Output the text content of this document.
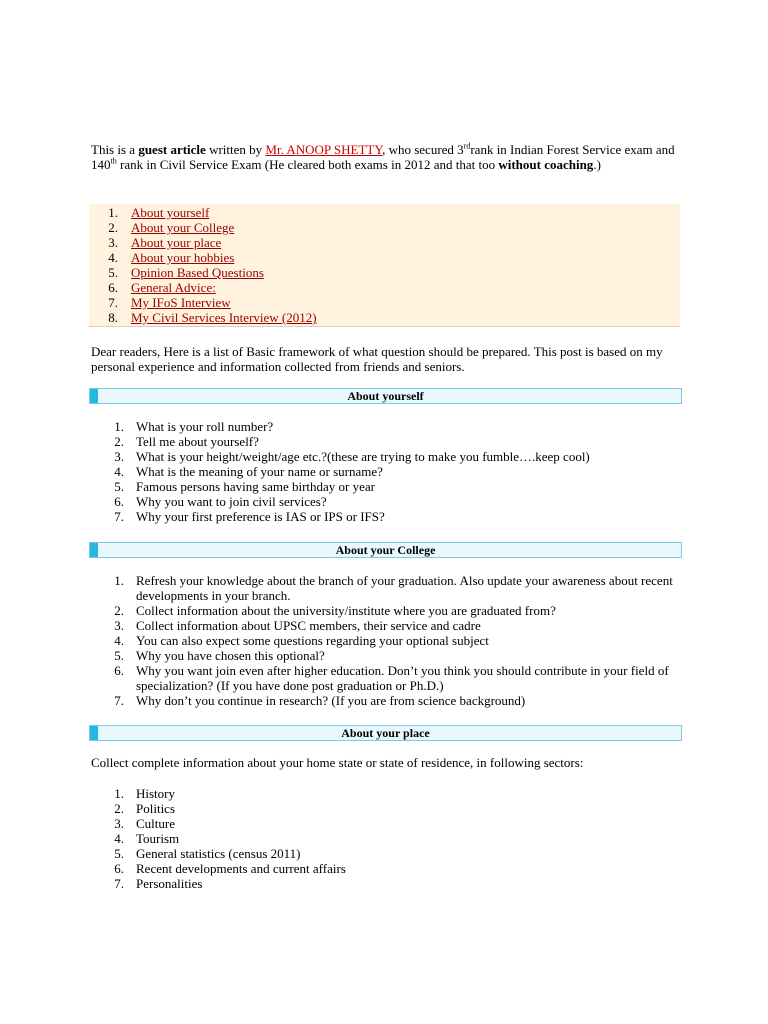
This is a guest article written by Mr. ANOOP SHETTY, who secured 3rdrank in Indian Forest Service exam and 140th rank in Civil Service Exam (He cleared both exams in 2012 and that too without coaching.)

1. About yourself
2. About your College
3. About your place
4. About your hobbies
5. Opinion Based Questions
6. General Advice:
7. My IFoS Interview
8. My Civil Services Interview (2012)

Dear readers, Here is a list of Basic framework of what question should be prepared. This post is based on my personal experience and information collected from friends and seniors.

About yourself
1. What is your roll number?
2. Tell me about yourself?
3. What is your height/weight/age etc.?(these are trying to make you fumble….keep cool)
4. What is the meaning of your name or surname?
5. Famous persons having same birthday or year
6. Why you want to join civil services?
7. Why your first preference is IAS or IPS or IFS?
About your College
1. Refresh your knowledge about the branch of your graduation. Also update your awareness about recent developments in your branch.
2. Collect information about the university/institute where you are graduated from?
3. Collect information about UPSC members, their service and cadre
4. You can also expect some questions regarding your optional subject
5. Why you have chosen this optional?
6. Why you want join even after higher education. Don’t you think you should contribute in your field of specialization? (If you have done post graduation or Ph.D.)
7. Why don’t you continue in research? (If you are from science background)
About your place

Collect complete information about your home state or state of residence, in following sectors:

1. History
2. Politics
3. Culture
4. Tourism
5. General statistics (census 2011)
6. Recent developments and current affairs
7. Personalities
